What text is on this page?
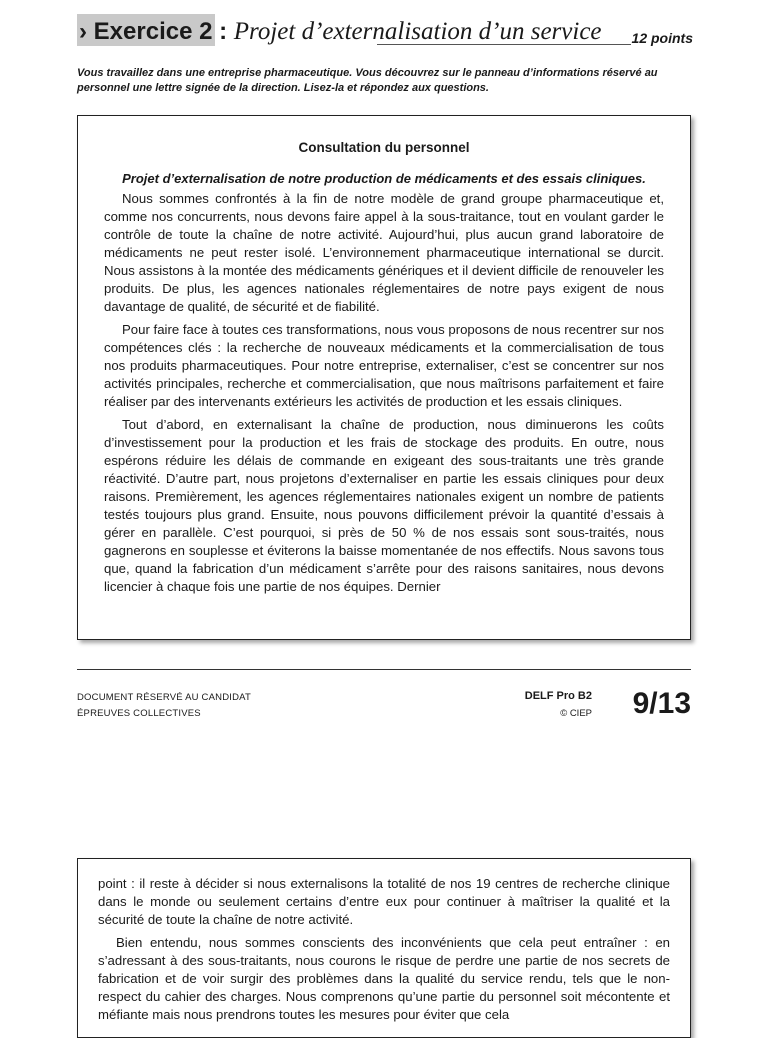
› Exercice 2 : Projet d’externalisation d’un service 12 points
Vous travaillez dans une entreprise pharmaceutique. Vous découvrez sur le panneau d’informations réservé au personnel une lettre signée de la direction. Lisez-la et répondez aux questions.
Consultation du personnel
Projet d’externalisation de notre production de médicaments et des essais cliniques.

Nous sommes confrontés à la fin de notre modèle de grand groupe pharmaceutique et, comme nos concurrents, nous devons faire appel à la sous-traitance, tout en voulant garder le contrôle de toute la chaîne de notre activité. Aujourd’hui, plus aucun grand laboratoire de médicaments ne peut rester isolé. L’environnement pharmaceutique international se durcit. Nous assistons à la montée des médicaments génériques et il devient difficile de renouveler les produits. De plus, les agences nationales réglementaires de notre pays exigent de nous davantage de qualité, de sécurité et de fiabilité.

Pour faire face à toutes ces transformations, nous vous proposons de nous recentrer sur nos compétences clés : la recherche de nouveaux médicaments et la commercialisation de tous nos produits pharmaceutiques. Pour notre entreprise, externaliser, c’est se concentrer sur nos activités principales, recherche et commercialisation, que nous maîtrisons parfaitement et faire réaliser par des intervenants extérieurs les activités de production et les essais cliniques.

Tout d’abord, en externalisant la chaîne de production, nous diminuerons les coûts d’investissement pour la production et les frais de stockage des produits. En outre, nous espérons réduire les délais de commande en exigeant des sous-traitants une très grande réactivité. D’autre part, nous projetons d’externaliser en partie les essais cliniques pour deux raisons. Premièrement, les agences réglementaires nationales exigent un nombre de patients testés toujours plus grand. Ensuite, nous pouvons difficilement prévoir la quantité d’essais à gérer en parallèle. C’est pourquoi, si près de 50 % de nos essais sont sous-traités, nous gagnerons en souplesse et éviterons la baisse momentanée de nos effectifs. Nous savons tous que, quand la fabrication d’un médicament s’arrête pour des raisons sanitaires, nous devons licencier à chaque fois une partie de nos équipes. Dernier

DOCUMENT RÉSERVÉ AU CANDIDAT
ÉPREUVES COLLECTIVES
DELF Pro B2
© CIEP 9/13

point : il reste à décider si nous externalisons la totalité de nos 19 centres de recherche clinique dans le monde ou seulement certains d’entre eux pour continuer à maîtriser la qualité et la sécurité de toute la chaîne de notre activité.

Bien entendu, nous sommes conscients des inconvénients que cela peut entraîner : en s’adressant à des sous-traitants, nous courons le risque de perdre une partie de nos secrets de fabrication et de voir surgir des problèmes dans la qualité du service rendu, tels que le non-respect du cahier des charges. Nous comprenons qu’une partie du personnel soit mécontente et méfiante mais nous prendrons toutes les mesures pour éviter que cela
